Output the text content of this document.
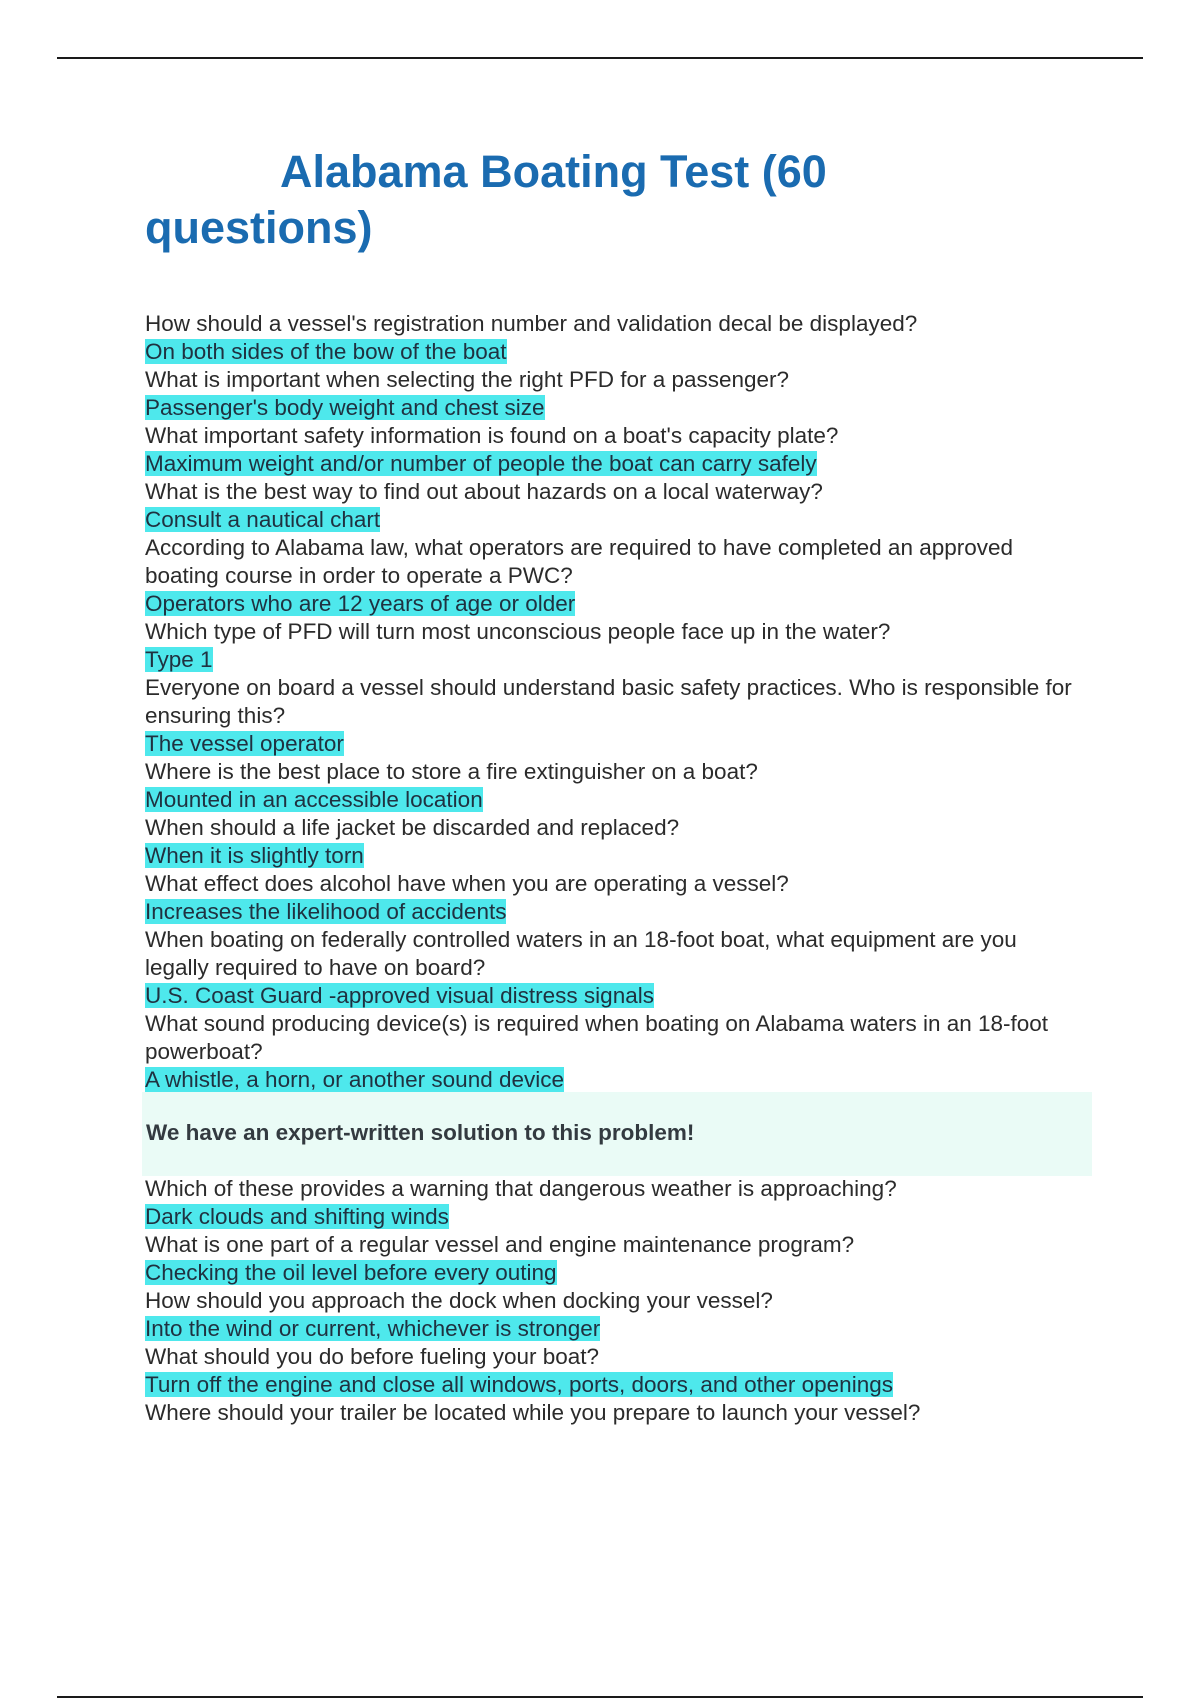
Alabama Boating Test (60
questions)
How should a vessel's registration number and validation decal be displayed?
On both sides of the bow of the boat
What is important when selecting the right PFD for a passenger?
Passenger's body weight and chest size
What important safety information is found on a boat's capacity plate?
Maximum weight and/or number of people the boat can carry safely
What is the best way to find out about hazards on a local waterway?
Consult a nautical chart
According to Alabama law, what operators are required to have completed an approved boating course in order to operate a PWC?
Operators who are 12 years of age or older
Which type of PFD will turn most unconscious people face up in the water?
Type 1
Everyone on board a vessel should understand basic safety practices. Who is responsible for ensuring this?
The vessel operator
Where is the best place to store a fire extinguisher on a boat?
Mounted in an accessible location
When should a life jacket be discarded and replaced?
When it is slightly torn
What effect does alcohol have when you are operating a vessel?
Increases the likelihood of accidents
When boating on federally controlled waters in an 18-foot boat, what equipment are you legally required to have on board?
U.S. Coast Guard -approved visual distress signals
What sound producing device(s) is required when boating on Alabama waters in an 18-foot powerboat?
A whistle, a horn, or another sound device
We have an expert-written solution to this problem!
Which of these provides a warning that dangerous weather is approaching?
Dark clouds and shifting winds
What is one part of a regular vessel and engine maintenance program?
Checking the oil level before every outing
How should you approach the dock when docking your vessel?
Into the wind or current, whichever is stronger
What should you do before fueling your boat?
Turn off the engine and close all windows, ports, doors, and other openings
Where should your trailer be located while you prepare to launch your vessel?
